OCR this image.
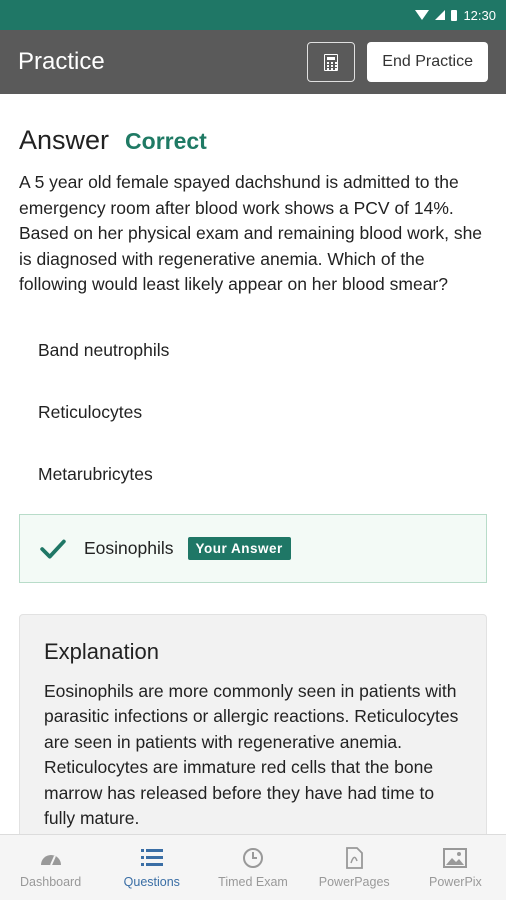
12:30
Practice	End Practice
Answer Correct

A 5 year old female spayed dachshund is admitted to the emergency room after blood work shows a PCV of 14%. Based on her physical exam and remaining blood work, she is diagnosed with regenerative anemia. Which of the following would least likely appear on her blood smear?

Band neutrophils
Reticulocytes
Metarubricytes
Eosinophils	Your Answer
Explanation

Eosinophils are more commonly seen in patients with parasitic infections or allergic reactions. Reticulocytes are seen in patients with regenerative anemia. Reticulocytes are immature red cells that the bone marrow has released before they have had time to fully mature.

Dashboard	Questions	Timed Exam PowerPages	PowerPix
